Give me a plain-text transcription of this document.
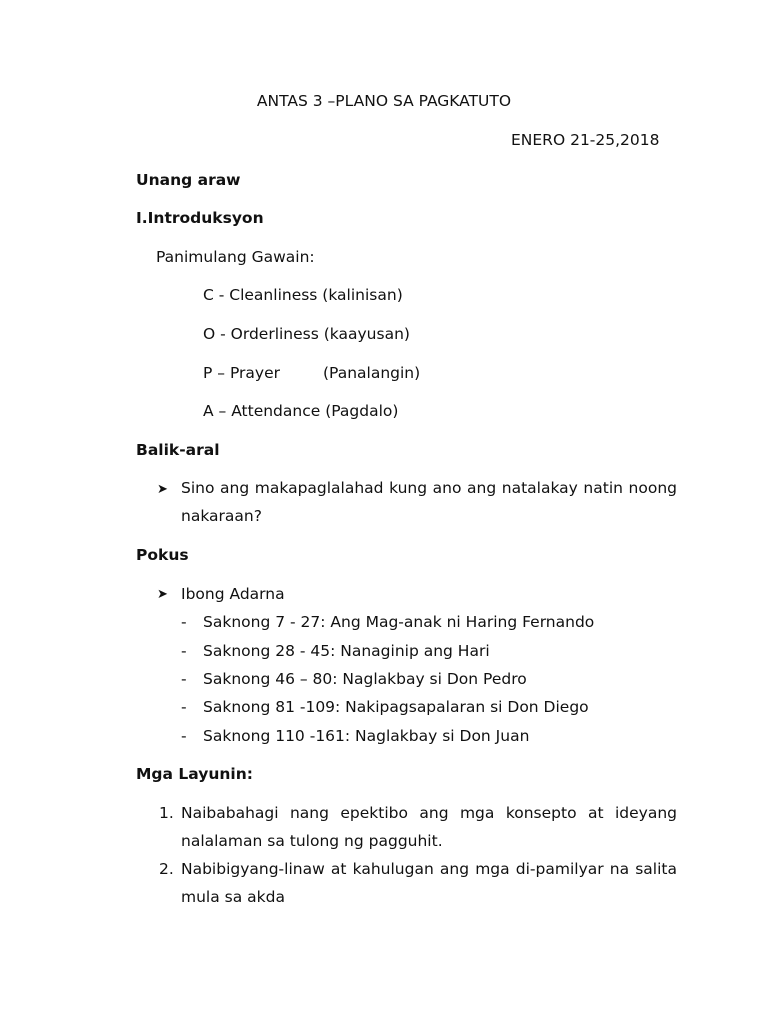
ANTAS 3 –PLANO SA PAGKATUTO
ENERO 21-25,2018
Unang araw
I.Introduksyon
Panimulang Gawain:
C - Cleanliness (kalinisan)
O - Orderliness (kaayusan)
P – Prayer	(Panalangin)
A – Attendance (Pagdalo)
Balik-aral
➤ Sino ang makapaglalahad kung ano ang natalakay natin noong nakaraan?
Pokus
➤ Ibong Adarna
- Saknong 7 - 27: Ang Mag-anak ni Haring Fernando
- Saknong 28 - 45: Nanaginip ang Hari
- Saknong 46 – 80: Naglakbay si Don Pedro
- Saknong 81 -109: Nakipagsapalaran si Don Diego
- Saknong 110 -161: Naglakbay si Don Juan
Mga Layunin:
1. Naibabahagi nang epektibo ang mga konsepto at ideyang nalalaman sa tulong ng pagguhit.
2. Nabibigyang-linaw at kahulugan ang mga di-pamilyar na salita mula sa akda
